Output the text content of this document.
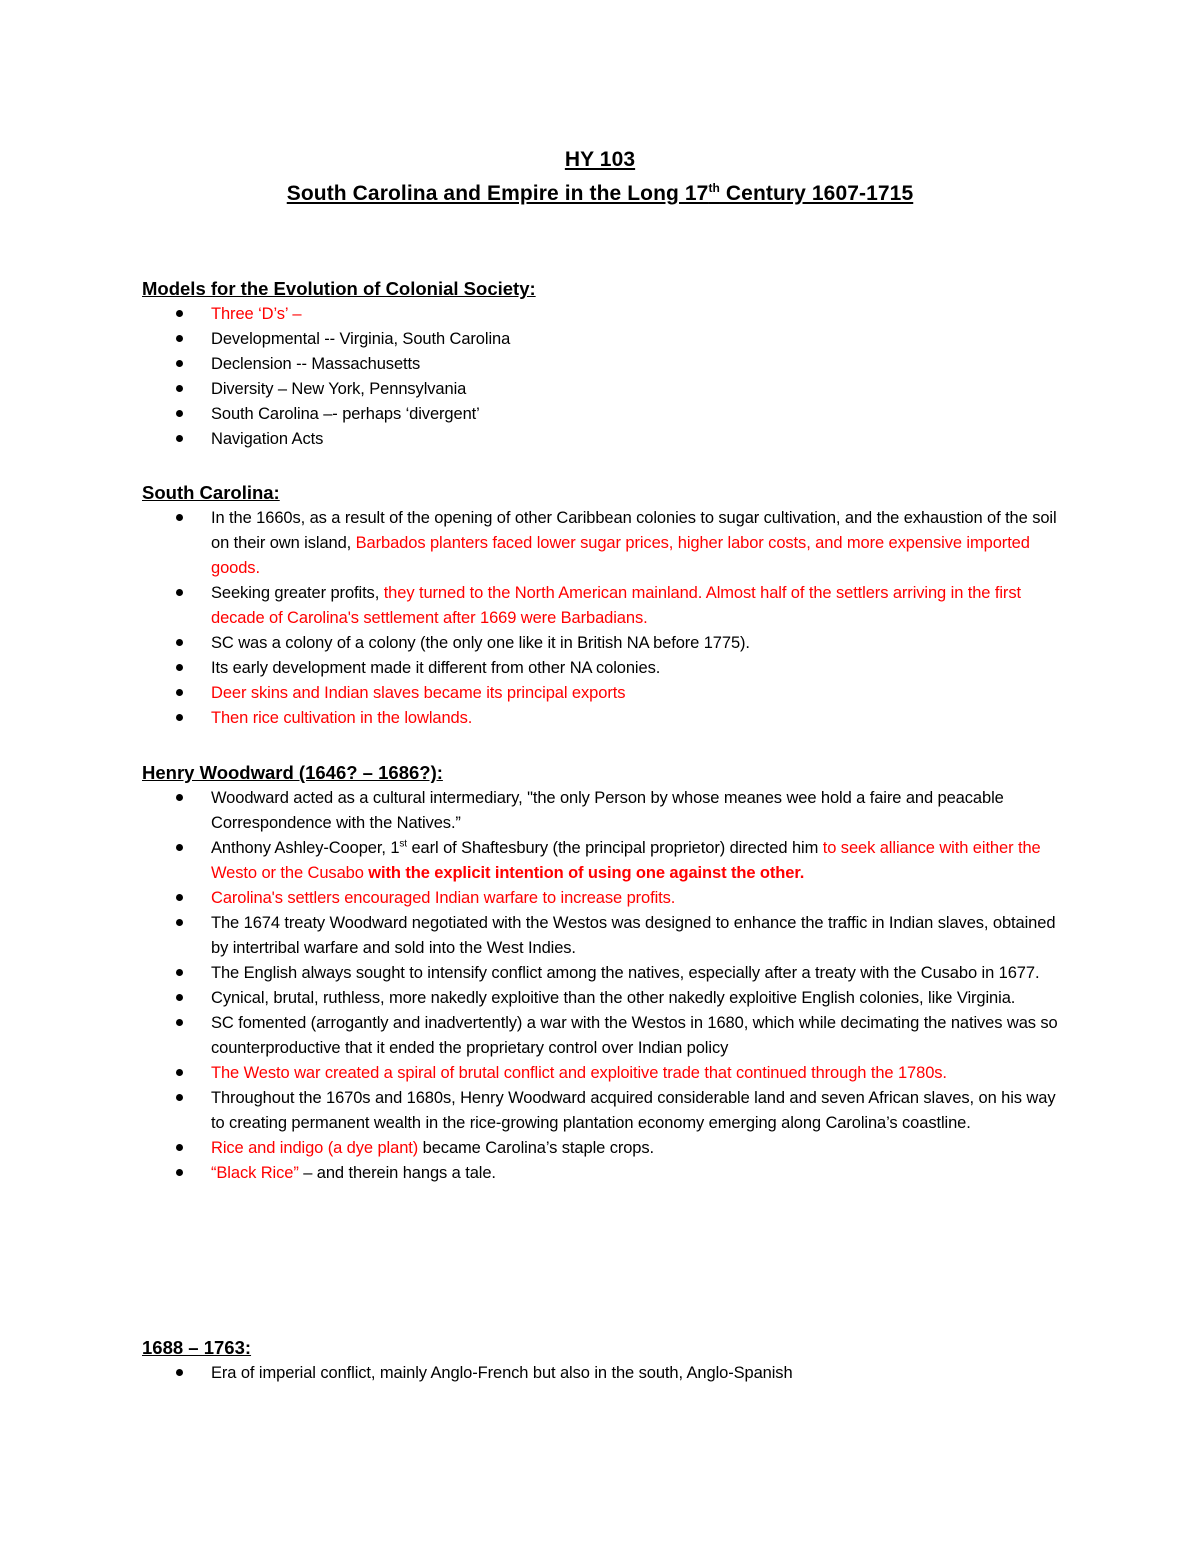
HY 103
South Carolina and Empire in the Long 17th Century 1607-1715
Models for the Evolution of Colonial Society:
Three ‘D’s’ –
Developmental -- Virginia, South Carolina
Declension -- Massachusetts
Diversity – New York, Pennsylvania
South Carolina –- perhaps ‘divergent’
Navigation Acts
South Carolina:
In the 1660s, as a result of the opening of other Caribbean colonies to sugar cultivation, and the exhaustion of the soil on their own island, Barbados planters faced lower sugar prices, higher labor costs, and more expensive imported goods.
Seeking greater profits, they turned to the North American mainland. Almost half of the settlers arriving in the first decade of Carolina's settlement after 1669 were Barbadians.
SC was a colony of a colony (the only one like it in British NA before 1775).
Its early development made it different from other NA colonies.
Deer skins and Indian slaves became its principal exports
Then rice cultivation in the lowlands.
Henry Woodward (1646? – 1686?):
Woodward acted as a cultural intermediary, "the only Person by whose meanes wee hold a faire and peacable Correspondence with the Natives.”
Anthony Ashley-Cooper, 1st earl of Shaftesbury (the principal proprietor) directed him to seek alliance with either the Westo or the Cusabo with the explicit intention of using one against the other.
Carolina's settlers encouraged Indian warfare to increase profits.
The 1674 treaty Woodward negotiated with the Westos was designed to enhance the traffic in Indian slaves, obtained by intertribal warfare and sold into the West Indies.
The English always sought to intensify conflict among the natives, especially after a treaty with the Cusabo in 1677.
Cynical, brutal, ruthless, more nakedly exploitive than the other nakedly exploitive English colonies, like Virginia.
SC fomented (arrogantly and inadvertently) a war with the Westos in 1680, which while decimating the natives was so counterproductive that it ended the proprietary control over Indian policy
The Westo war created a spiral of brutal conflict and exploitive trade that continued through the 1780s.
Throughout the 1670s and 1680s, Henry Woodward acquired considerable land and seven African slaves, on his way to creating permanent wealth in the rice-growing plantation economy emerging along Carolina’s coastline.
Rice and indigo (a dye plant) became Carolina’s staple crops.
“Black Rice” – and therein hangs a tale.
1688 – 1763:
Era of imperial conflict, mainly Anglo-French but also in the south, Anglo-Spanish
